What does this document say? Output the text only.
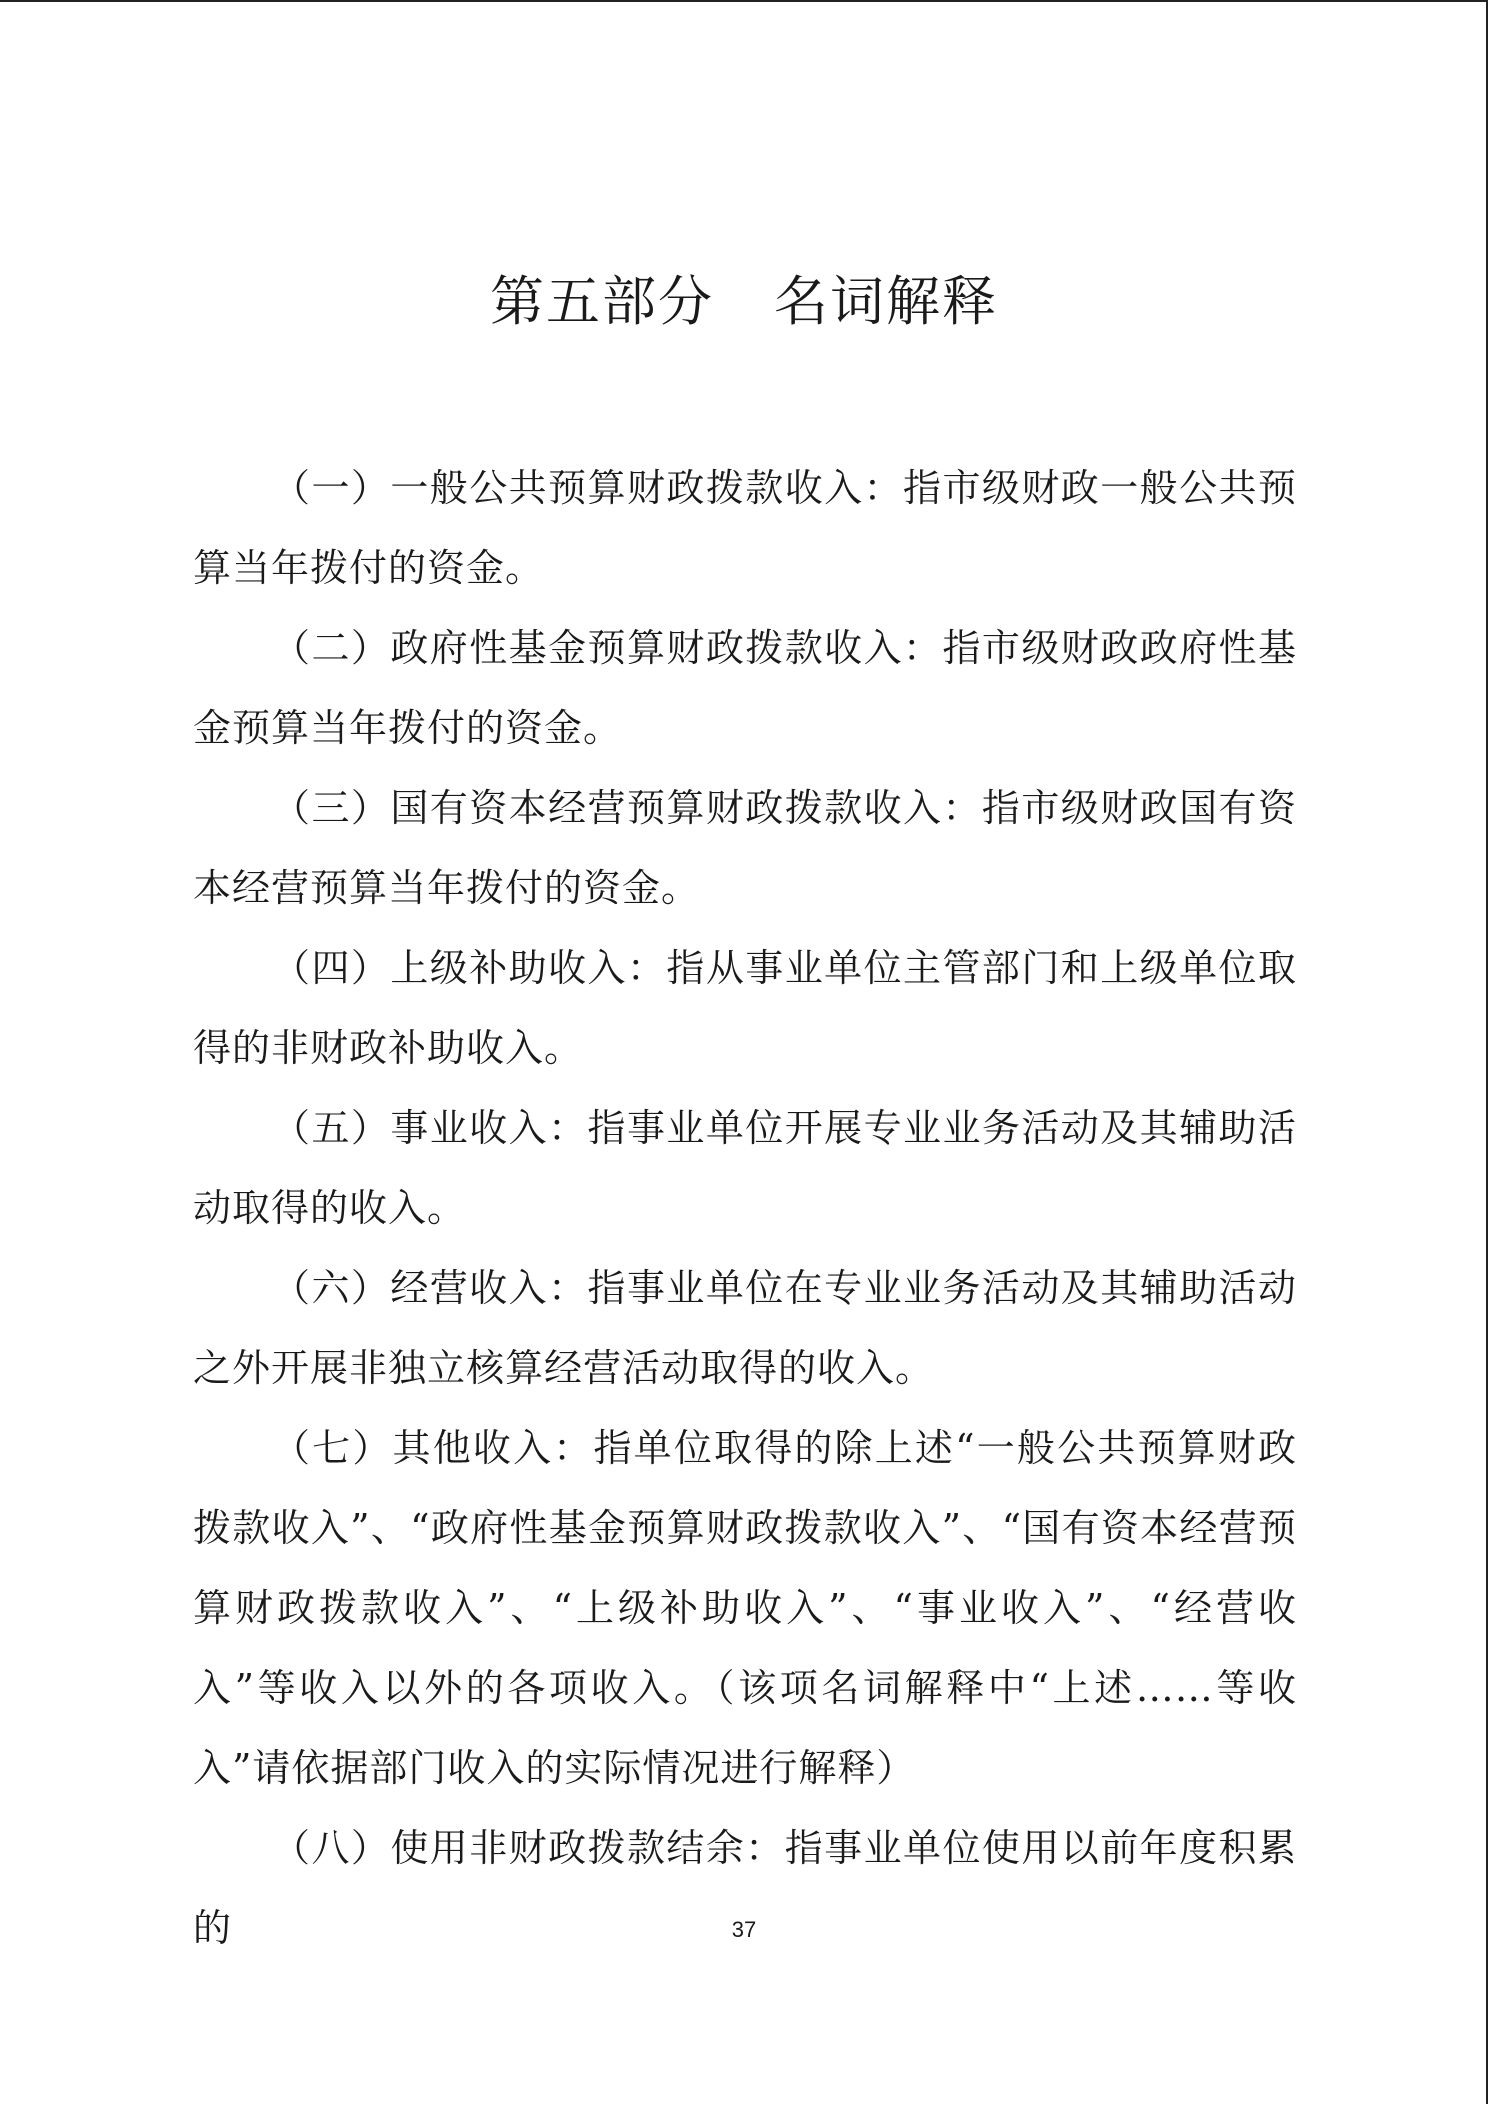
第五部分 名词解释

（一）一般公共预算财政拨款收入：指市级财政一般公共预算当年拨付的资金。

（二）政府性基金预算财政拨款收入：指市级财政政府性基金预算当年拨付的资金。

（三）国有资本经营预算财政拨款收入：指市级财政国有资本经营预算当年拨付的资金。

（四）上级补助收入：指从事业单位主管部门和上级单位取得的非财政补助收入。

（五）事业收入：指事业单位开展专业业务活动及其辅助活动取得的收入。

（六）经营收入：指事业单位在专业业务活动及其辅助活动之外开展非独立核算经营活动取得的收入。

（七）其他收入：指单位取得的除上述“一般公共预算财政拨款收入”、“政府性基金预算财政拨款收入”、“国有资本经营预算财政拨款收入”、“上级补助收入”、“事业收入”、“经营收入”等收入以外的各项收入。（该项名词解释中“上述……等收入”请依据部门收入的实际情况进行解释）

（八）使用非财政拨款结余：指事业单位使用以前年度积累的	37
